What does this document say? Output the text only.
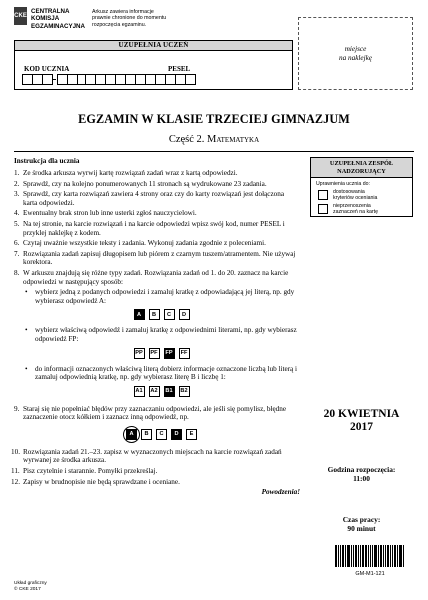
CKE
CENTRALNA
KOMISJA
EGZAMINACYJNA
Arkusz zawiera informacje
prawnie chronione do momentu
rozpoczęcia egzaminu.
UZUPEŁNIA UCZEŃ
KOD UCZNIA	PESEL
miejsce
na naklejkę
EGZAMIN W KLASIE TRZECIEJ GIMNAZJUM
Część 2. Matematyka
Instrukcja dla ucznia
1. Ze środka arkusza wyrwij kartę rozwiązań zadań wraz z kartą odpowiedzi.
2. Sprawdź, czy na kolejno ponumerowanych 11 stronach są wydrukowane 23 zadania.
3. Sprawdź, czy karta rozwiązań zawiera 4 strony oraz czy do karty rozwiązań jest dołączona karta odpowiedzi.
4. Ewentualny brak stron lub inne usterki zgłoś nauczycielowi.
5. Na tej stronie, na karcie rozwiązań i na karcie odpowiedzi wpisz swój kod, numer PESEL i przyklej naklejkę z kodem.
6. Czytaj uważnie wszystkie teksty i zadania. Wykonuj zadania zgodnie z poleceniami.
7. Rozwiązania zadań zapisuj długopisem lub piórem z czarnym tuszem/atramentem. Nie używaj korektora.
8. W arkuszu znajdują się różne typy zadań. Rozwiązania zadań od 1. do 20. zaznacz na karcie odpowiedzi w następujący sposób:
•	wybierz jedną z podanych odpowiedzi i zamaluj kratkę z odpowiadającą jej literą, np. gdy wybierasz odpowiedź A:
A	B	C	D
•	wybierz właściwą odpowiedź i zamaluj kratkę z odpowiednimi literami, np. gdy wybierasz odpowiedź FP:
PP	PF	FP	FF
•	do informacji oznaczonych właściwą literą dobierz informacje oznaczone liczbą lub literą i zamaluj odpowiednią kratkę, np. gdy wybierasz literę B i liczbę 1:
A1	A2	B1	B2
9. Staraj się nie popełniać błędów przy zaznaczaniu odpowiedzi, ale jeśli się pomylisz, błędne zaznaczenie otocz kółkiem i zaznacz inną odpowiedź, np.
A	B	C	D	E
10. Rozwiązania zadań 21.–23. zapisz w wyznaczonych miejscach na karcie rozwiązań zadań wyrwanej ze środka arkusza.
11. Pisz czytelnie i starannie. Pomyłki przekreślaj.
12. Zapisy w brudnopisie nie będą sprawdzane i oceniane.
Powodzenia!
UZUPEŁNIA ZESPÓŁ
NADZORUJĄCY
Uprawnienia ucznia do:
dostosowania
kryteriów oceniania
nieprzenoszenia
zaznaczeń na kartę
20 KWIETNIA
2017
Godzina rozpoczęcia:
11:00
Czas pracy:
90 minut
GM-M1-121
Układ graficzny
© CKE 2017
